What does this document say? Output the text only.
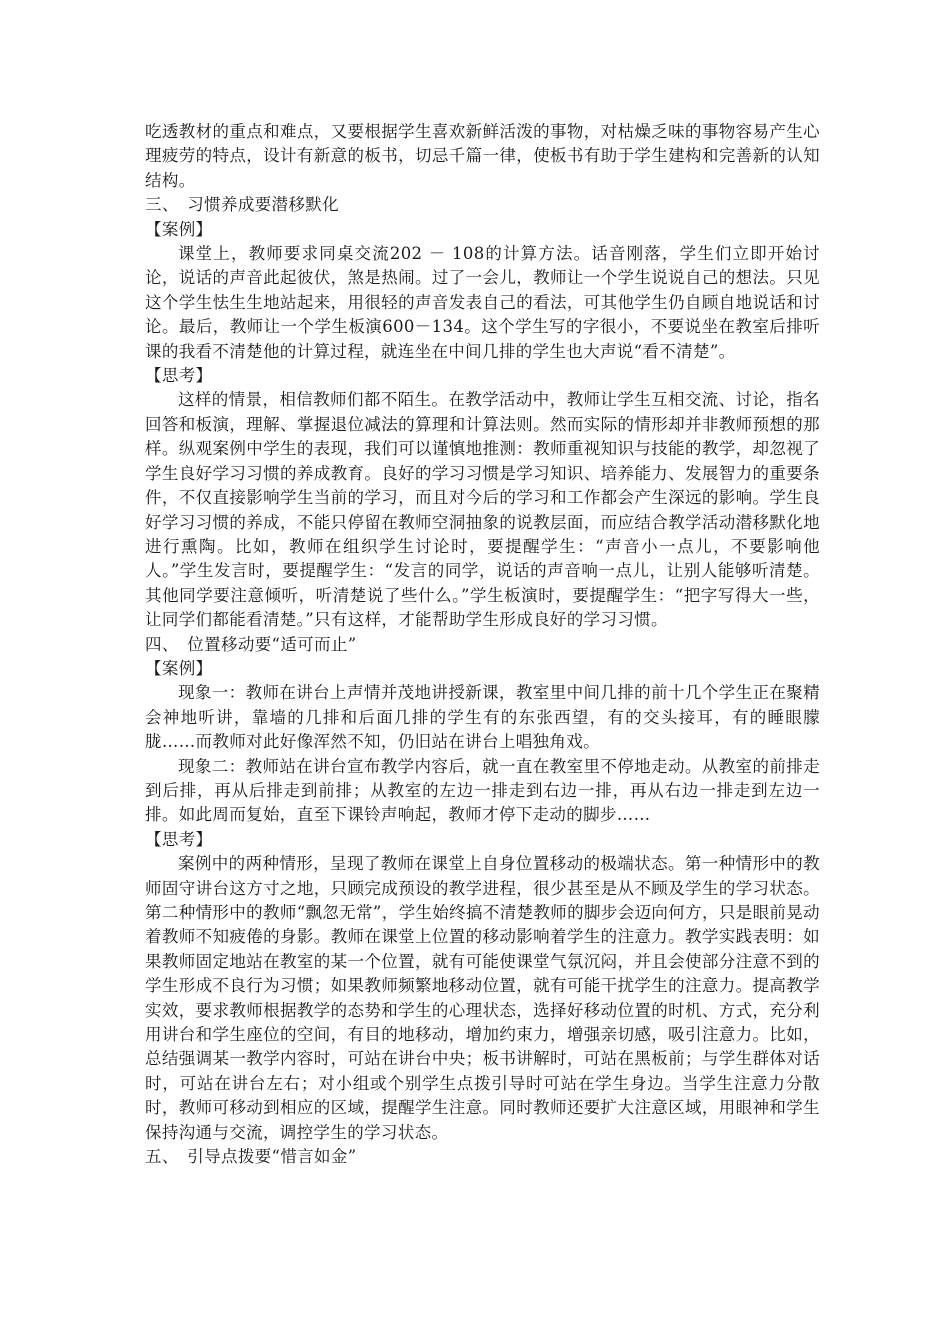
吃透教材的重点和难点，又要根据学生喜欢新鲜活泼的事物，对枯燥乏味的事物容易产生心理疲劳的特点，设计有新意的板书，切忌千篇一律，使板书有助于学生建构和完善新的认知结构。

三、　习惯养成要潜移默化

【案例】

课堂上，教师要求同桌交流202 － 108的计算方法。话音刚落，学生们立即开始讨论，说话的声音此起彼伏，煞是热闹。过了一会儿，教师让一个学生说说自己的想法。只见这个学生怯生生地站起来，用很轻的声音发表自己的看法，可其他学生仍自顾自地说话和讨论。最后，教师让一个学生板演600－134。这个学生写的字很小，不要说坐在教室后排听课的我看不清楚他的计算过程，就连坐在中间几排的学生也大声说“看不清楚”。

【思考】

这样的情景，相信教师们都不陌生。在教学活动中，教师让学生互相交流、讨论，指名回答和板演，理解、掌握退位减法的算理和计算法则。然而实际的情形却并非教师预想的那样。纵观案例中学生的表现，我们可以谨慎地推测：教师重视知识与技能的教学，却忽视了学生良好学习习惯的养成教育。良好的学习习惯是学习知识、培养能力、发展智力的重要条件，不仅直接影响学生当前的学习，而且对今后的学习和工作都会产生深远的影响。学生良好学习习惯的养成，不能只停留在教师空洞抽象的说教层面，而应结合教学活动潜移默化地进行熏陶。比如，教师在组织学生讨论时，要提醒学生：“声音小一点儿，不要影响他人。”学生发言时，要提醒学生：“发言的同学，说话的声音响一点儿，让别人能够听清楚。其他同学要注意倾听，听清楚说了些什么。”学生板演时，要提醒学生：“把字写得大一些，让同学们都能看清楚。”只有这样，才能帮助学生形成良好的学习习惯。

四、　位置移动要“适可而止”

【案例】

现象一：教师在讲台上声情并茂地讲授新课，教室里中间几排的前十几个学生正在聚精会神地听讲，靠墙的几排和后面几排的学生有的东张西望，有的交头接耳，有的睡眼朦胧……而教师对此好像浑然不知，仍旧站在讲台上唱独角戏。

现象二：教师站在讲台宣布教学内容后，就一直在教室里不停地走动。从教室的前排走到后排，再从后排走到前排；从教室的左边一排走到右边一排，再从右边一排走到左边一排。如此周而复始，直至下课铃声响起，教师才停下走动的脚步……

【思考】

案例中的两种情形，呈现了教师在课堂上自身位置移动的极端状态。第一种情形中的教师固守讲台这方寸之地，只顾完成预设的教学进程，很少甚至是从不顾及学生的学习状态。第二种情形中的教师“飘忽无常”，学生始终搞不清楚教师的脚步会迈向何方，只是眼前晃动着教师不知疲倦的身影。教师在课堂上位置的移动影响着学生的注意力。教学实践表明：如果教师固定地站在教室的某一个位置，就有可能使课堂气氛沉闷，并且会使部分注意不到的学生形成不良行为习惯；如果教师频繁地移动位置，就有可能干扰学生的注意力。提高教学实效，要求教师根据教学的态势和学生的心理状态，选择好移动位置的时机、方式，充分利用讲台和学生座位的空间，有目的地移动，增加约束力，增强亲切感，吸引注意力。比如，总结强调某一教学内容时，可站在讲台中央；板书讲解时，可站在黑板前；与学生群体对话时，可站在讲台左右；对小组或个别学生点拨引导时可站在学生身边。当学生注意力分散时，教师可移动到相应的区域，提醒学生注意。同时教师还要扩大注意区域，用眼神和学生保持沟通与交流，调控学生的学习状态。

五、　引导点拨要“惜言如金”
